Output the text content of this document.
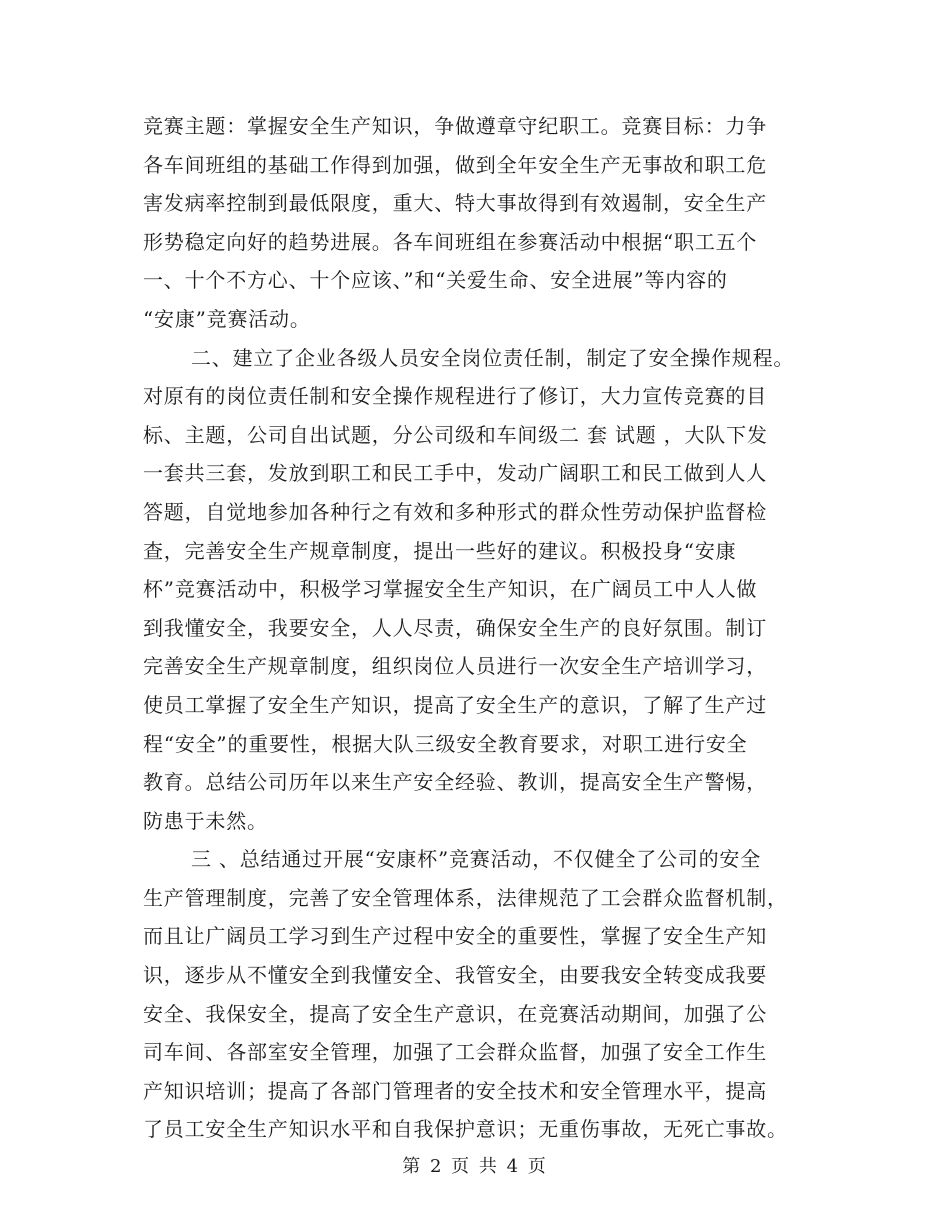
竞赛主题：掌握安全生产知识，争做遵章守纪职工。竞赛目标：力争
各车间班组的基础工作得到加强，做到全年安全生产无事故和职工危
害发病率控制到最低限度，重大、特大事故得到有效遏制，安全生产
形势稳定向好的趋势进展。各车间班组在参赛活动中根据“职工五个
一、十个不方心、十个应该、”和“关爱生命、安全进展”等内容的
“安康”竞赛活动。
二、建立了企业各级人员安全岗位责任制，制定了安全操作规程。
对原有的岗位责任制和安全操作规程进行了修订，大力宣传竞赛的目
标、主题，公司自出试题，分公司级和车间级二 套 试题 ，大队下发
一套共三套，发放到职工和民工手中，发动广阔职工和民工做到人人
答题，自觉地参加各种行之有效和多种形式的群众性劳动保护监督检
查，完善安全生产规章制度，提出一些好的建议。积极投身“安康
杯”竞赛活动中，积极学习掌握安全生产知识，在广阔员工中人人做
到我懂安全，我要安全，人人尽责，确保安全生产的良好氛围。制订
完善安全生产规章制度，组织岗位人员进行一次安全生产培训学习，
使员工掌握了安全生产知识，提高了安全生产的意识，了解了生产过
程“安全”的重要性，根据大队三级安全教育要求，对职工进行安全
教育。总结公司历年以来生产安全经验、教训，提高安全生产警惕，
防患于未然。
三 、总结通过开展“安康杯”竞赛活动，不仅健全了公司的安全
生产管理制度，完善了安全管理体系，法律规范了工会群众监督机制，
而且让广阔员工学习到生产过程中安全的重要性，掌握了安全生产知
识，逐步从不懂安全到我懂安全、我管安全，由要我安全转变成我要
安全、我保安全，提高了安全生产意识，在竞赛活动期间，加强了公
司车间、各部室安全管理，加强了工会群众监督，加强了安全工作生
产知识培训；提高了各部门管理者的安全技术和安全管理水平，提高
了员工安全生产知识水平和自我保护意识；无重伤事故，无死亡事故。
第 2 页 共 4 页
